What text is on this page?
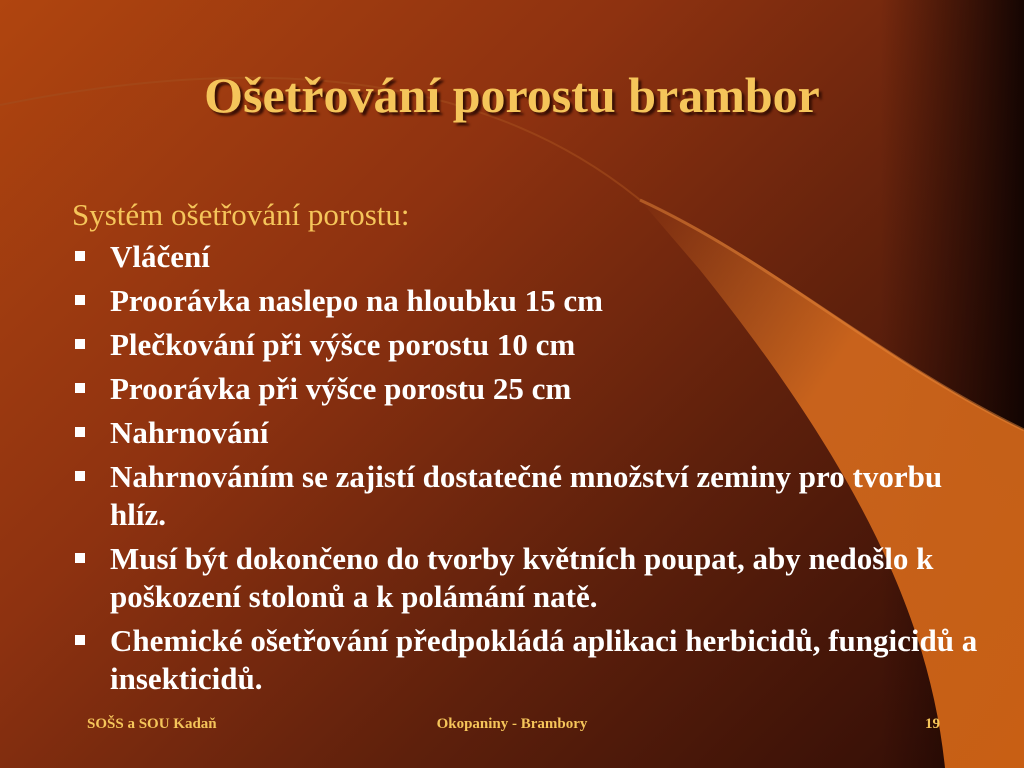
Ošetřování porostu brambor

Systém ošetřování porostu:

Vláčení
Proorávka naslepo na hloubku 15 cm
Plečkování při výšce porostu 10 cm
Proorávka při výšce porostu 25 cm
Nahrnování
Nahrnováním se zajistí dostatečné množství zeminy pro tvorbu hlíz.
Musí být dokončeno do tvorby květních poupat, aby nedošlo k poškození stolonů a k polámání natě.
Chemické ošetřování předpokládá aplikaci herbicidů, fungicidů a insekticidů.
SOŠS a SOU Kadaň	Okopaniny - Brambory	19
